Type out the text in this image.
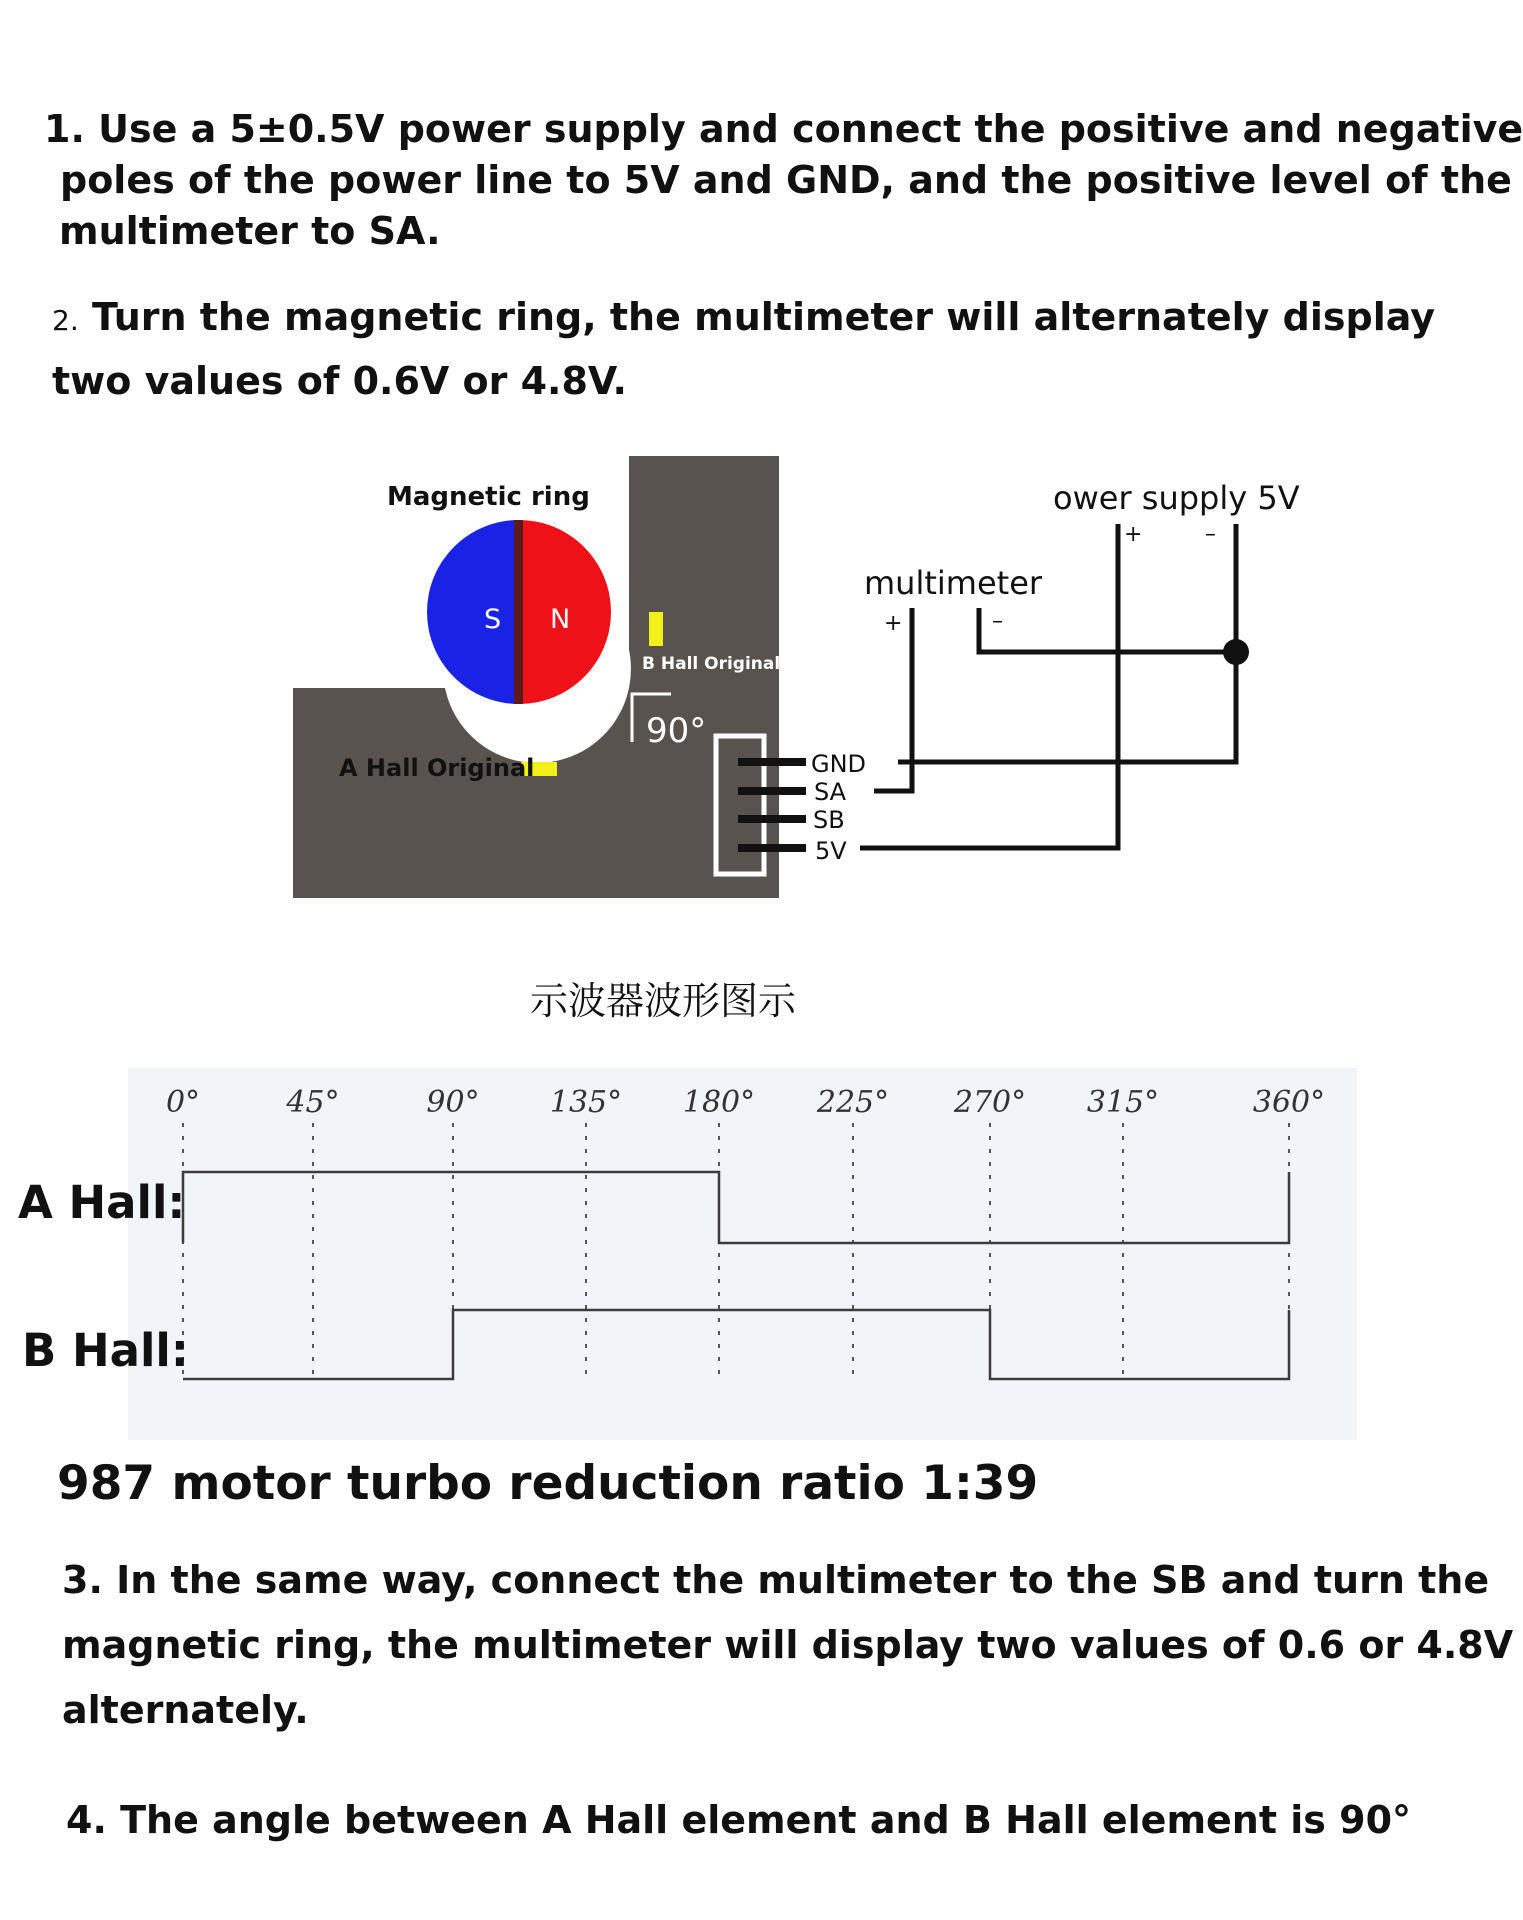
1. Use a 5±0.5V power supply and connect the positive and negative
poles of the power line to 5V and GND, and the positive level of the
multimeter to SA.
2. Turn the magnetic ring, the multimeter will alternately display
two values of 0.6V or 4.8V.
S N
Magnetic ring
B Hall Original
A Hall Original
90°
GND
SA
SB
5V
multimeter
+	–
ower supply 5V
+	–
示波器波形图示
0°	45°	90° 135° 180° 225° 270° 315°	360°
A Hall:
B Hall:
987 motor turbo reduction ratio 1:39
3. In the same way, connect the multimeter to the SB and turn the
magnetic ring, the multimeter will display two values of 0.6 or 4.8V
alternately.
4. The angle between A Hall element and B Hall element is 90°
